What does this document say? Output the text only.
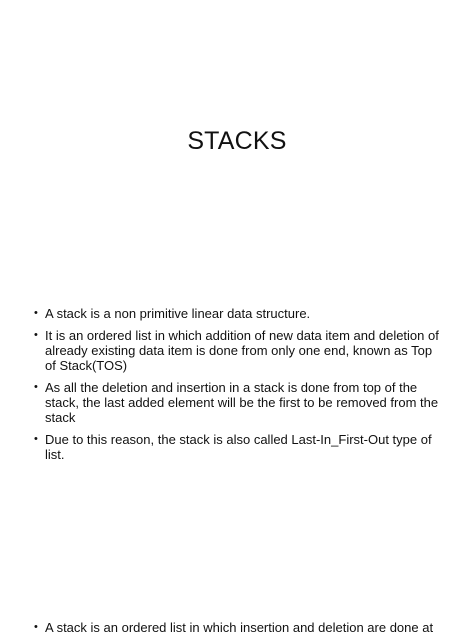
STACKS
• A stack is a non primitive linear data structure.
• It is an ordered list in which addition of new data item and deletion of already existing data item is done from only one end, known as Top of Stack(TOS)
• As all the deletion and insertion in a stack is done from top of the stack, the last added element will be the first to be removed from the stack
• Due to this reason, the stack is also called Last-In_First-Out type of list.
• A stack is an ordered list in which insertion and deletion are done at
